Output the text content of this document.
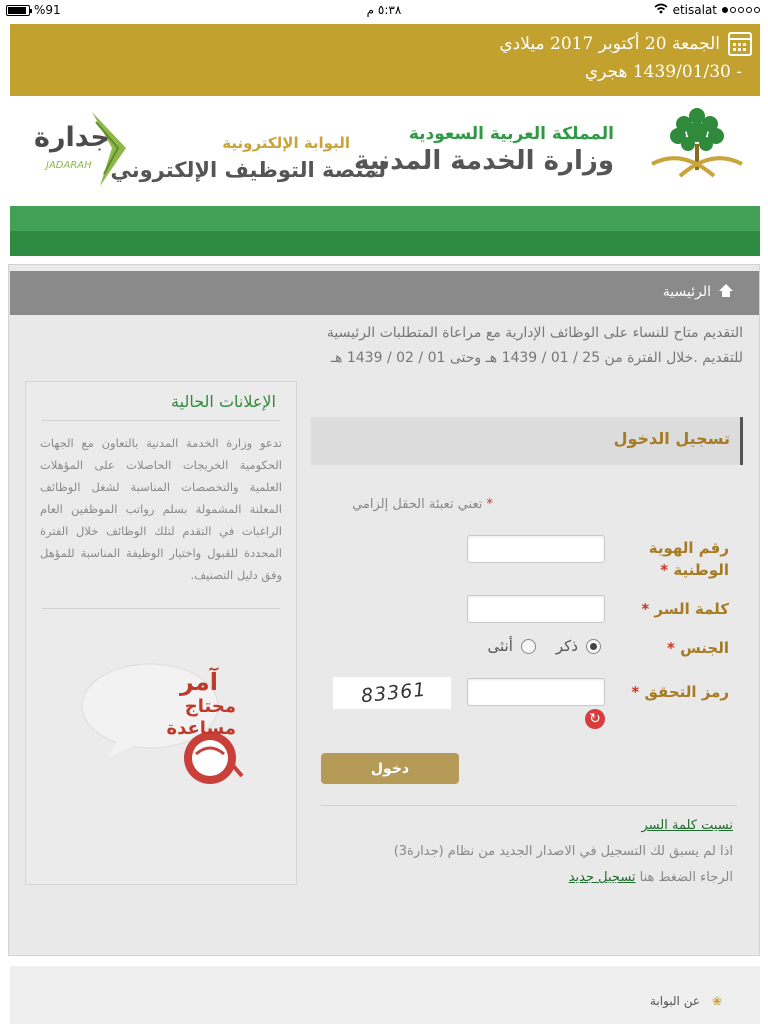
%91	٥:٣٨ م	etisalat
الجمعة 20 أكتوبر 2017 ميلادي
- 1439/01/30 هجري
المملكة العربية السعودية
وزارة الخدمة المدنية
البوابة الإلكترونية
لمنصة التوظيف الإلكتروني
جدارة
JADARAH
الرئيسية
التقديم متاح للنساء على الوظائف الإدارية مع مراعاة المتطلبات الرئيسية للتقديم .خلال الفترة من 25 / 01 / 1439 هـ وحتى 01 / 02 / 1439 هـ
الإعلانات الحالية
تدعو وزارة الخدمة المدنية بالتعاون مع الجهات الحكومية الخريجات الحاصلات على المؤهلات العلمية والتخصصات المناسبة لشغل الوظائف المعلنة المشمولة بسلم رواتب الموظفين العام الراغبات في التقدم لتلك الوظائف خلال الفترة المحددة للقبول واختيار الوظيفة المناسبة للمؤهل وفق دليل التصنيف.
آمر
محتاج
مساعدة
تسجيل الدخول
* تعني تعبئة الحقل إلزامي
رقم الهوية الوطنية *
كلمة السر *
الجنس *
ذكر
أنثى
رمز التحقق *
83361
↻
دخول
نسيت كلمة السر
اذا لم يسبق لك التسجيل في الاصدار الجديد من نظام (جدارة3)
الرجاء الضغط هنا تسجيل جديد
❀
عن البوابة
